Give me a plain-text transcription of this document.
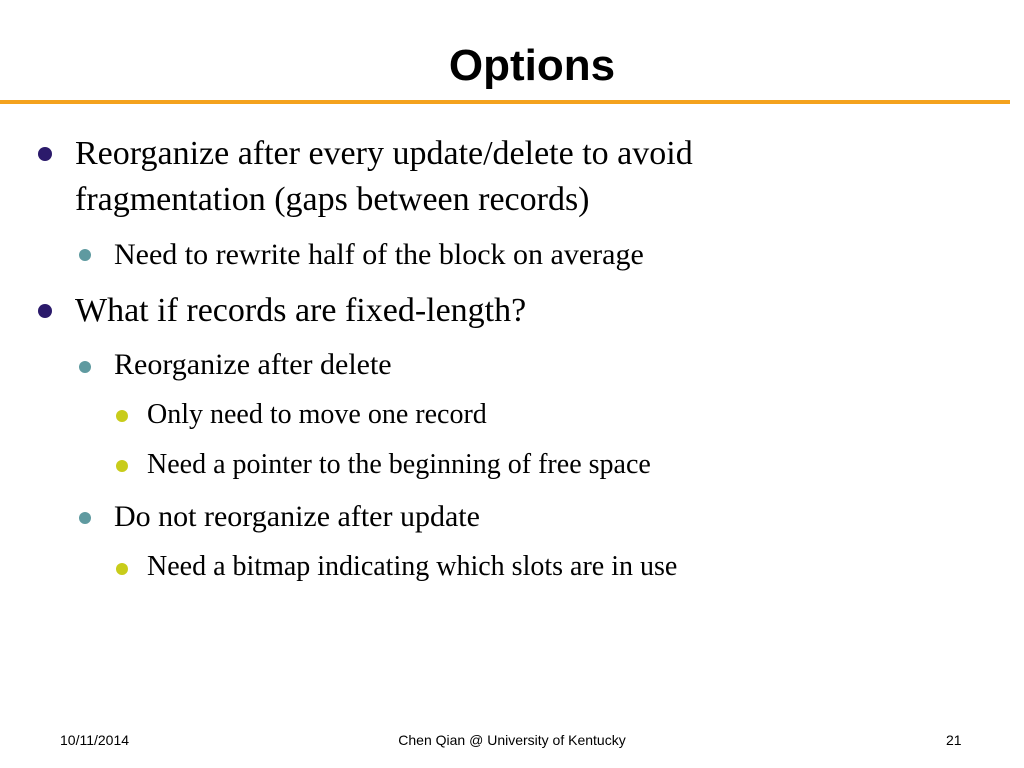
Options
Reorganize after every update/delete to avoid
fragmentation (gaps between records)
Need to rewrite half of the block on average
What if records are fixed-length?
Reorganize after delete
Only need to move one record
Need a pointer to the beginning of free space
Do not reorganize after update
Need a bitmap indicating which slots are in use
10/11/2014	Chen Qian @ University of Kentucky	21
